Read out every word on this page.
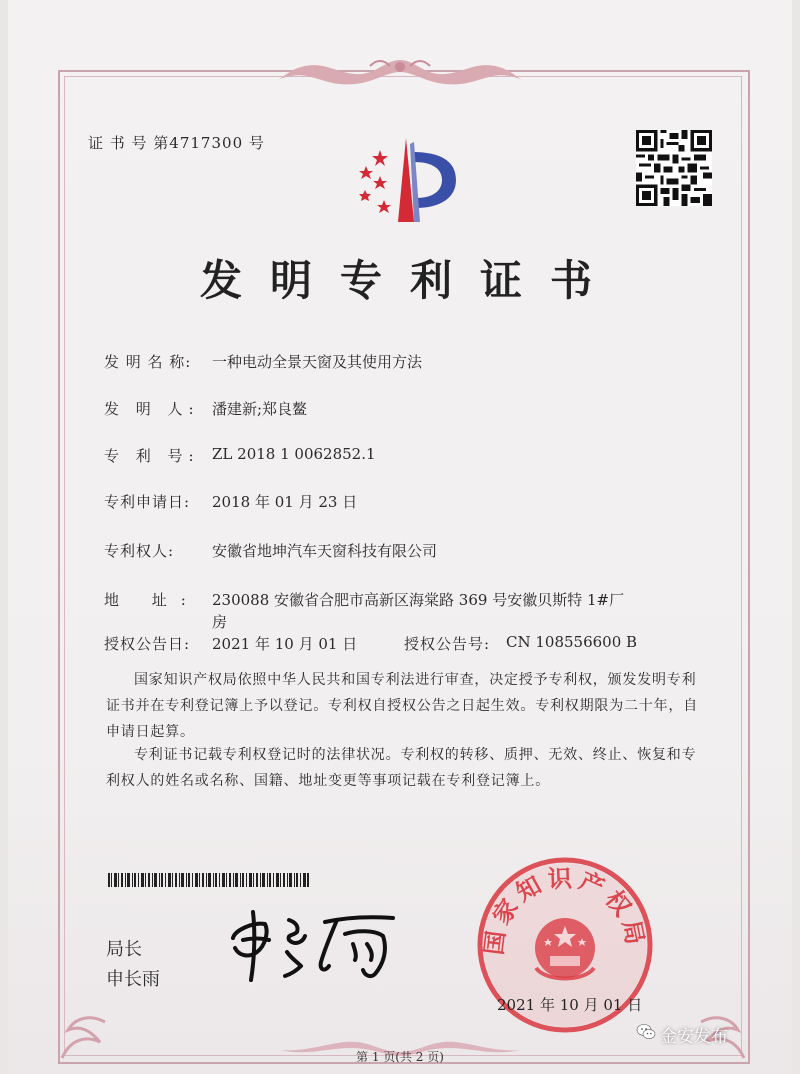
证 书 号 第4717300 号
发明专利证书
发 明 名 称: 一种电动全景天窗及其使用方法
发 明 人: 潘建新;郑良鳌
专 利 号: ZL 2018 1 0062852.1
专利申请日: 2018 年 01 月 23 日
专利权人:	安徽省地坤汽车天窗科技有限公司
地 址: 230088 安徽省合肥市高新区海棠路 369 号安徽贝斯特 1#厂
房
授权公告日: 2021 年 10 月 01 日	授权公告号: CN 108556600 B
国家知识产权局依照中华人民共和国专利法进行审查，决定授予专利权，颁发发明专利证书并在专利登记簿上予以登记。专利权自授权公告之日起生效。专利权期限为二十年，自申请日起算。
专利证书记载专利权登记时的法律状况。专利权的转移、质押、无效、终止、恢复和专利权人的姓名或名称、国籍、地址变更等事项记载在专利登记簿上。
局长
申长雨
国家知识产权局
2021 年 10 月 01 日
第 1 页(共 2 页)
金安发布
